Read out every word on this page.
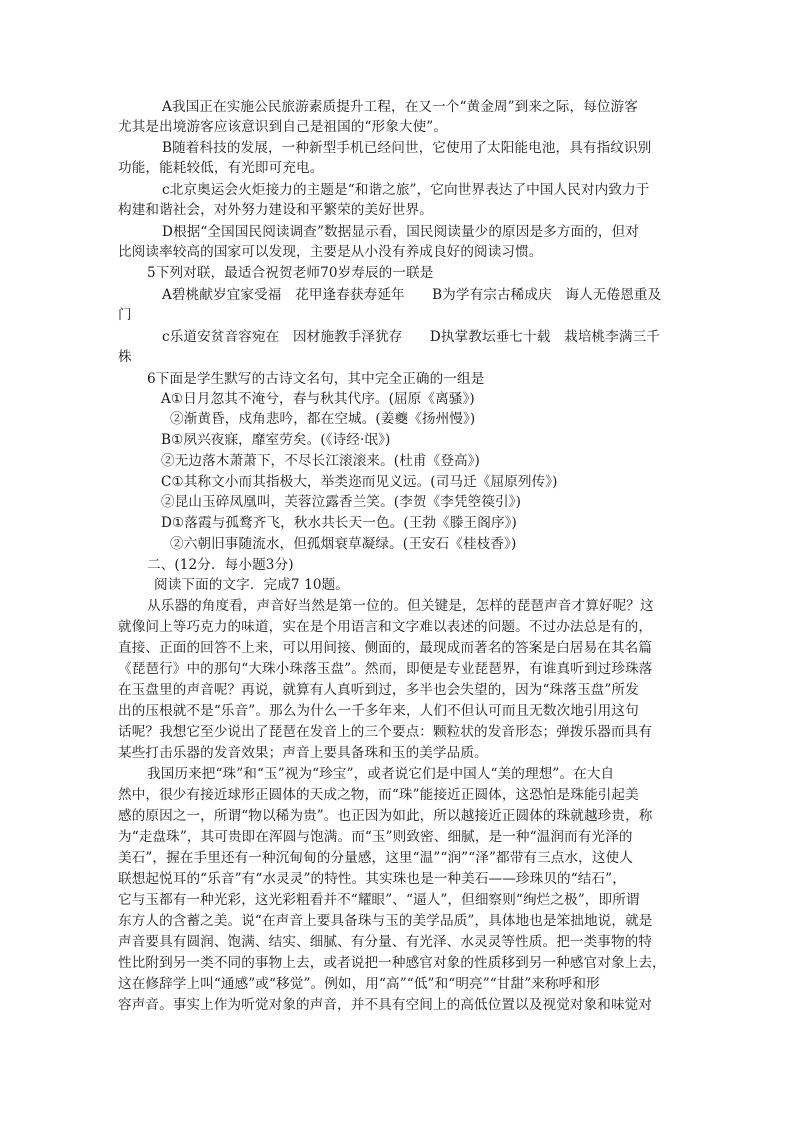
A我国正在实施公民旅游素质提升工程，在又一个“黄金周”到来之际，每位游客
尤其是出境游客应该意识到自己是祖国的“形象大使”。
B随着科技的发展，一种新型手机已经问世，它使用了太阳能电池，具有指纹识别
功能，能耗较低，有光即可充电。
c北京奥运会火炬接力的主题是“和谐之旅”，它向世界表达了中国人民对内致力于
构建和谐社会，对外努力建设和平繁荣的美好世界。
D根据“全国国民阅读调查”数据显示看，国民阅读量少的原因是多方面的，但对
比阅读率较高的国家可以发现，主要是从小没有养成良好的阅读习惯。
5下列对联，最适合祝贺老师70岁寿辰的一联是
A碧桃献岁宜家受福　花甲逢春获寿延年　　B为学有宗古稀成庆　诲人无倦恩重及
门
c乐道安贫音容宛在　因材施教手泽犹存　　D执掌教坛垂七十载　栽培桃李满三千
株
6下面是学生默写的古诗文名句，其中完全正确的一组是
A①日月忽其不淹兮，春与秋其代序。(屈原《离骚》)
②渐黄昏，戍角悲吟，都在空城。(姜夔《扬州慢》)
B①夙兴夜寐，靡室劳矣。(《诗经·氓》)
②无边落木萧萧下，不尽长江滚滚来。(杜甫《登高》)
C①其称文小而其指极大，举类迩而见义远。(司马迁《屈原列传》)
②昆山玉碎凤凰叫，芙蓉泣露香兰笑。(李贺《李凭箜篌引》)
D①落霞与孤鹜齐飞，秋水共长天一色。(王勃《滕王阁序》)
②六朝旧事随流水，但孤烟衰草凝绿。(王安石《桂枝香》)
二、(12分．每小题3分)
阅读下面的文字．完成7 10题。
从乐器的角度看，声音好当然是第一位的。但关键是，怎样的琵琶声音才算好呢？这
就像问上等巧克力的味道，实在是个用语言和文字难以表述的问题。不过办法总是有的，
直接、正面的回答不上来，可以用间接、侧面的，最现成而著名的答案是白居易在其名篇
《琵琶行》中的那句“大珠小珠落玉盘”。然而，即便是专业琵琶界，有谁真听到过珍珠落
在玉盘里的声音呢？再说，就算有人真听到过，多半也会失望的，因为“珠落玉盘”所发
出的压根就不是“乐音”。那么为什么一千多年来，人们不但认可而且无数次地引用这句
话呢？我想它至少说出了琵琶在发音上的三个要点：颗粒状的发音形态；弹拨乐器而具有
某些打击乐器的发音效果；声音上要具备珠和玉的美学品质。
我国历来把“珠”和“玉”视为“珍宝”，或者说它们是中国人“美的理想”。在大自
然中，很少有接近球形正圆体的天成之物，而“珠”能接近正圆体，这恐怕是珠能引起美
感的原因之一，所谓“物以稀为贵”。也正因为如此，所以越接近正圆体的珠就越珍贵，称
为“走盘珠”，其可贵即在浑圆与饱满。而“玉”则致密、细腻，是一种“温润而有光泽的
美石”，握在手里还有一种沉甸甸的分量感，这里“温”“润”“泽”都带有三点水，这使人
联想起悦耳的“乐音”有“水灵灵”的特性。其实珠也是一种美石——珍珠贝的“结石”，
它与玉都有一种光彩，这光彩粗看并不“耀眼”、“逼人”，但细察则“绚烂之极”，即所谓
东方人的含蓄之美。说“在声音上要具备珠与玉的美学品质”，具体地也是笨拙地说，就是
声音要具有圆润、饱满、结实、细腻、有分量、有光泽、水灵灵等性质。把一类事物的特
性比附到另一类不同的事物上去，或者说把一种感官对象的性质移到另一种感官对象上去，
这在修辞学上叫“通感”或“移觉”。例如，用“高”“低”和“明亮”“甘甜”来称呼和形
容声音。事实上作为听觉对象的声音，并不具有空间上的高低位置以及视觉对象和味觉对
